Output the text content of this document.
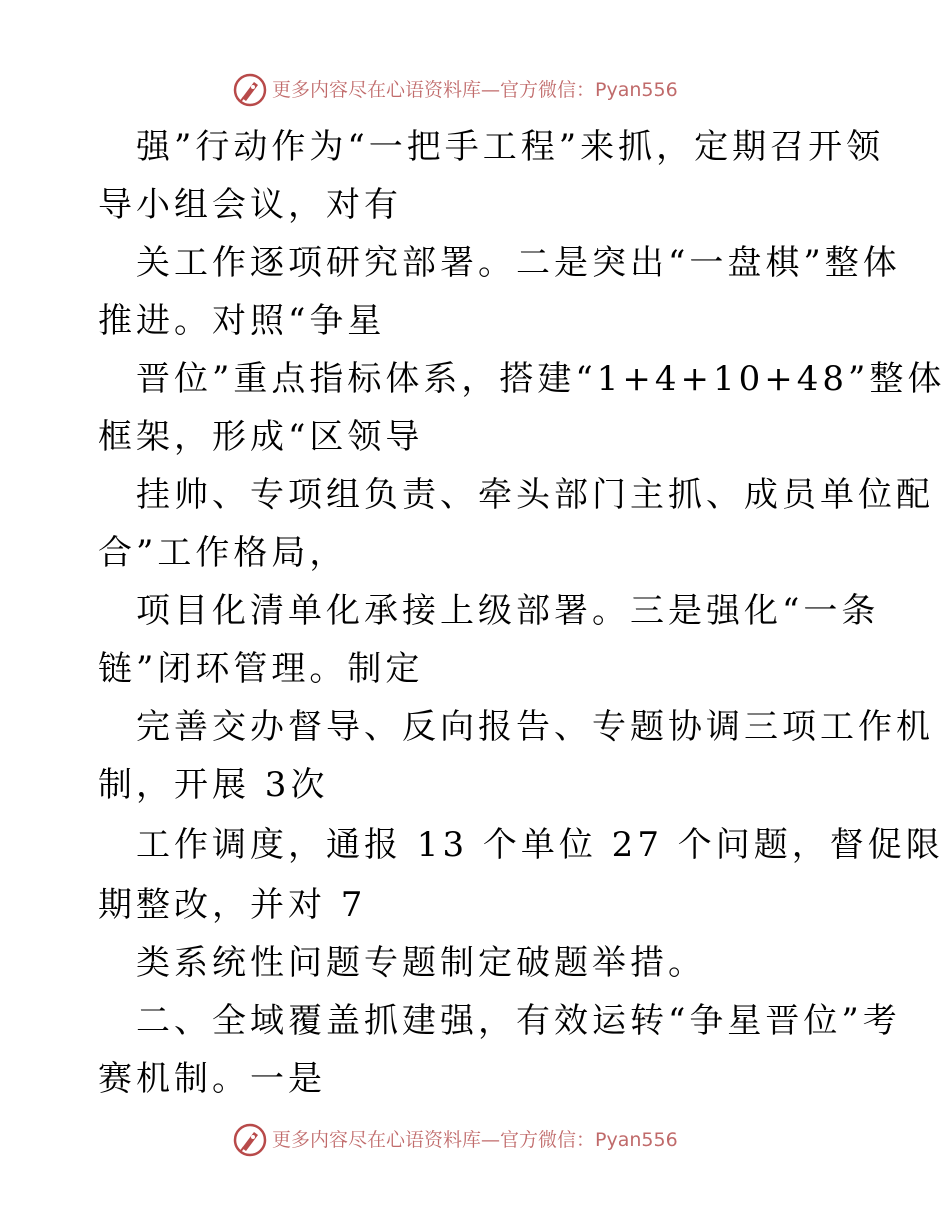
更多内容尽在心语资料库—官方微信：Pyan556
强”行动作为“一把手工程”来抓，定期召开领
导小组会议，对有
关工作逐项研究部署。二是突出“一盘棋”整体
推进。对照“争星
晋位”重点指标体系，搭建“1+4+10+48”整体
框架，形成“区领导
挂帅、专项组负责、牵头部门主抓、成员单位配
合”工作格局，
项目化清单化承接上级部署。三是强化“一条
链”闭环管理。制定
完善交办督导、反向报告、专题协调三项工作机
制，开展 3次
工作调度，通报 13 个单位 27 个问题，督促限
期整改，并对 7
类系统性问题专题制定破题举措。
二、全域覆盖抓建强，有效运转“争星晋位”考
赛机制。一是
更多内容尽在心语资料库—官方微信：Pyan556
